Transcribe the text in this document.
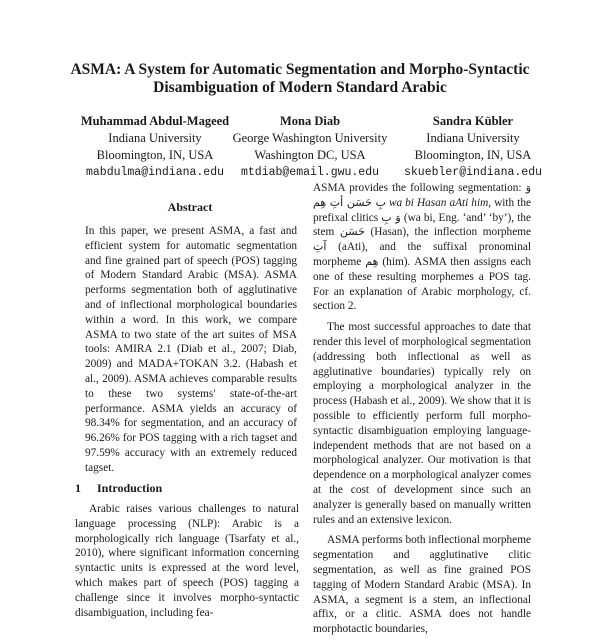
ASMA: A System for Automatic Segmentation and Morpho-Syntactic
Disambiguation of Modern Standard Arabic
Muhammad Abdul-Mageed
Indiana University
Bloomington, IN, USA
mabdulma@indiana.edu
Mona Diab
George Washington University
Washington DC, USA
mtdiab@email.gwu.edu
Sandra Kübler
Indiana University
Bloomington, IN, USA
skuebler@indiana.edu
Abstract

In this paper, we present ASMA, a fast and efficient system for automatic segmentation and fine grained part of speech (POS) tagging of Modern Standard Arabic (MSA). ASMA performs segmentation both of agglutinative and of inflectional morphological boundaries within a word. In this work, we compare ASMA to two state of the art suites of MSA tools: AMIRA 2.1 (Diab et al., 2007; Diab, 2009) and MADA+TOKAN 3.2. (Habash et al., 2009). ASMA achieves comparable results to these two systems' state-of-the-art performance. ASMA yields an accuracy of 98.34% for segmentation, and an accuracy of 96.26% for POS tagging with a rich tagset and 97.59% accuracy with an extremely reduced tagset.

1 Introduction

Arabic raises various challenges to natural language processing (NLP): Arabic is a morphologically rich language (Tsarfaty et al., 2010), where significant information concerning syntactic units is expressed at the word level, which makes part of speech (POS) tagging a challenge since it involves morpho-syntactic disambiguation, including fea-

ASMA provides the following segmentation: وَ بِ حَسَن أتِ هِم wa bi Hasan aAti him, with the prefixal clitics وَ بِ (wa bi, Eng. ‘and’ ‘by’), the stem حَسَن (Hasan), the inflection morpheme آتِ (aAti), and the suffixal pronominal morpheme هِم (him). ASMA then assigns each one of these resulting morphemes a POS tag. For an explanation of Arabic morphology, cf. section 2.

The most successful approaches to date that render this level of morphological segmentation (addressing both inflectional as well as agglutinative boundaries) typically rely on employing a morphological analyzer in the process (Habash et al., 2009). We show that it is possible to efficiently perform full morpho-syntactic disambiguation employing language-independent methods that are not based on a morphological analyzer. Our motivation is that dependence on a morphological analyzer comes at the cost of development since such an analyzer is generally based on manually written rules and an extensive lexicon.

ASMA performs both inflectional morpheme segmentation and agglutinative clitic segmentation, as well as fine grained POS tagging of Modern Standard Arabic (MSA). In ASMA, a segment is a stem, an inflectional affix, or a clitic. ASMA does not handle morphotactic boundaries,
